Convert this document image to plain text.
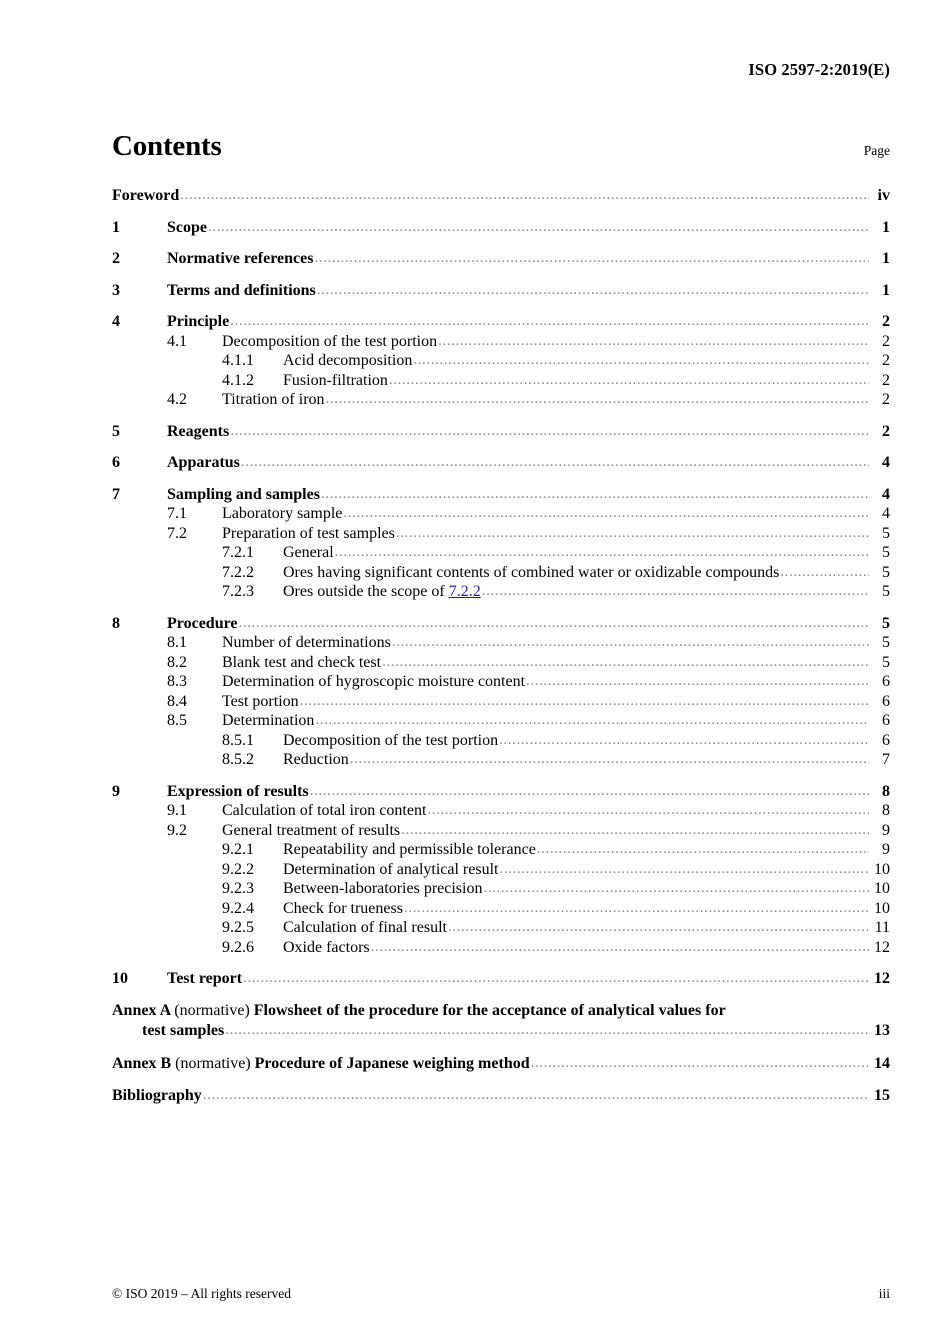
ISO 2597-2:2019(E)
Contents	Page
Foreword .....	iv
1	Scope .....	1
2	Normative references .....	1
3	Terms and definitions .....	1
4	Principle .....	2
4.1	Decomposition of the test portion .....	2
4.1.1	Acid decomposition .....	2
4.1.2	Fusion-filtration .....	2
4.2	Titration of iron .....	2
5	Reagents .....	2
6	Apparatus .....	4
7	Sampling and samples .....	4
7.1	Laboratory sample .....	4
7.2	Preparation of test samples .....	5
7.2.1	General .....	5
7.2.2	Ores having significant contents of combined water or oxidizable compounds .....	5
7.2.3	Ores outside the scope of 7.2.2 .....	5
8	Procedure .....	5
8.1	Number of determinations .....	5
8.2	Blank test and check test .....	5
8.3	Determination of hygroscopic moisture content .....	6
8.4	Test portion .....	6
8.5	Determination .....	6
8.5.1	Decomposition of the test portion .....	6
8.5.2	Reduction .....	7
9	Expression of results .....	8
9.1	Calculation of total iron content .....	8
9.2	General treatment of results .....	9
9.2.1	Repeatability and permissible tolerance .....	9
9.2.2	Determination of analytical result .....	10
9.2.3	Between-laboratories precision .....	10
9.2.4	Check for trueness .....	10
9.2.5	Calculation of final result .....	11
9.2.6	Oxide factors .....	12
10	Test report .....	12
Annex A (normative) Flowsheet of the procedure for the acceptance of analytical values for
test samples .....	13
Annex B (normative) Procedure of Japanese weighing method .....	14
Bibliography .....	15
© ISO 2019 – All rights reserved	iii
